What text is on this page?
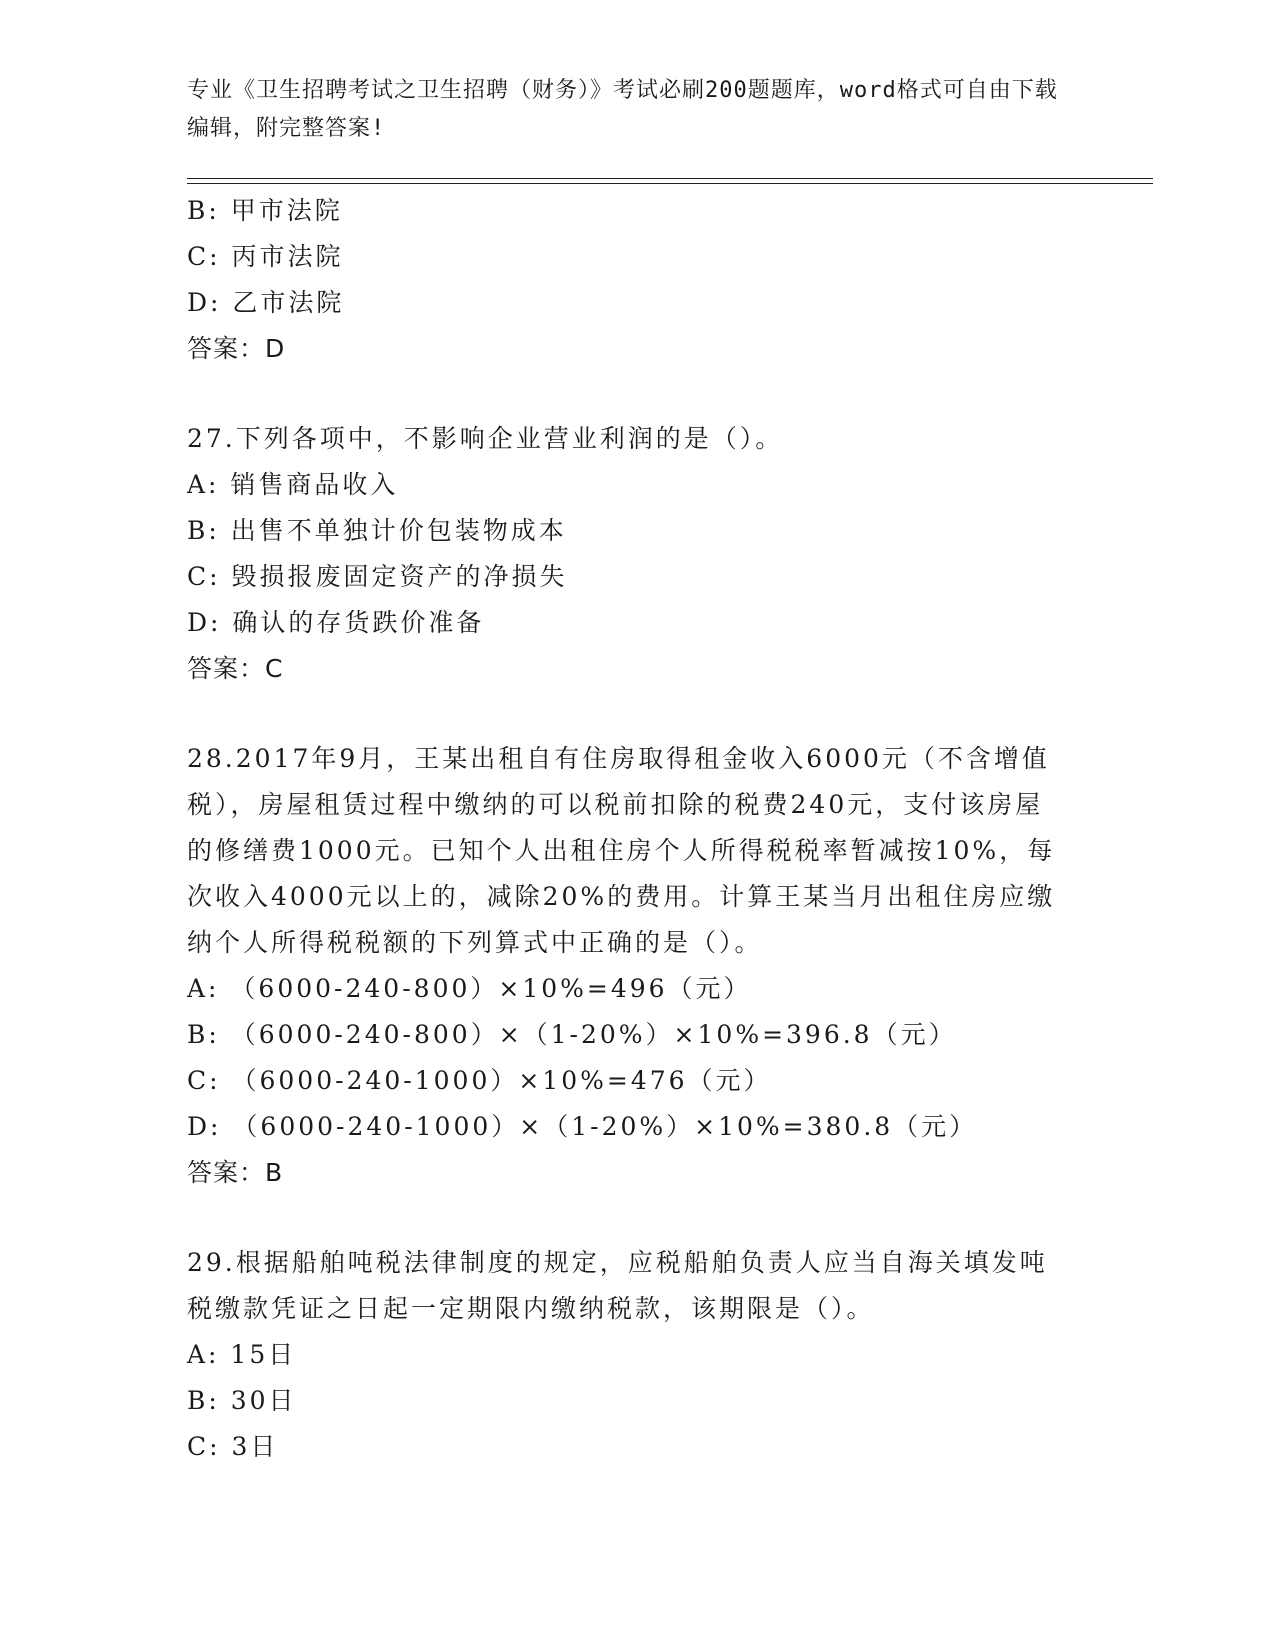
专业《卫生招聘考试之卫生招聘（财务）》考试必刷200题题库，word格式可自由下载编辑，附完整答案!
B: 甲市法院
C: 丙市法院
D: 乙市法院
答案：D
27.下列各项中，不影响企业营业利润的是（）。
A: 销售商品收入
B: 出售不单独计价包装物成本
C: 毁损报废固定资产的净损失
D: 确认的存货跌价准备
答案：C
28.2017年9月，王某出租自有住房取得租金收入6000元（不含增值税），房屋租赁过程中缴纳的可以税前扣除的税费240元，支付该房屋的修缮费1000元。已知个人出租住房个人所得税税率暂减按10%，每次收入4000元以上的，减除20%的费用。计算王某当月出租住房应缴纳个人所得税税额的下列算式中正确的是（）。
A: （6000-240-800）×10%=496（元）
B: （6000-240-800）×（1-20%）×10%=396.8（元）
C: （6000-240-1000）×10%=476（元）
D: （6000-240-1000）×（1-20%）×10%=380.8（元）
答案：B
29.根据船舶吨税法律制度的规定，应税船舶负责人应当自海关填发吨税缴款凭证之日起一定期限内缴纳税款，该期限是（）。
A: 15日
B: 30日
C: 3日
